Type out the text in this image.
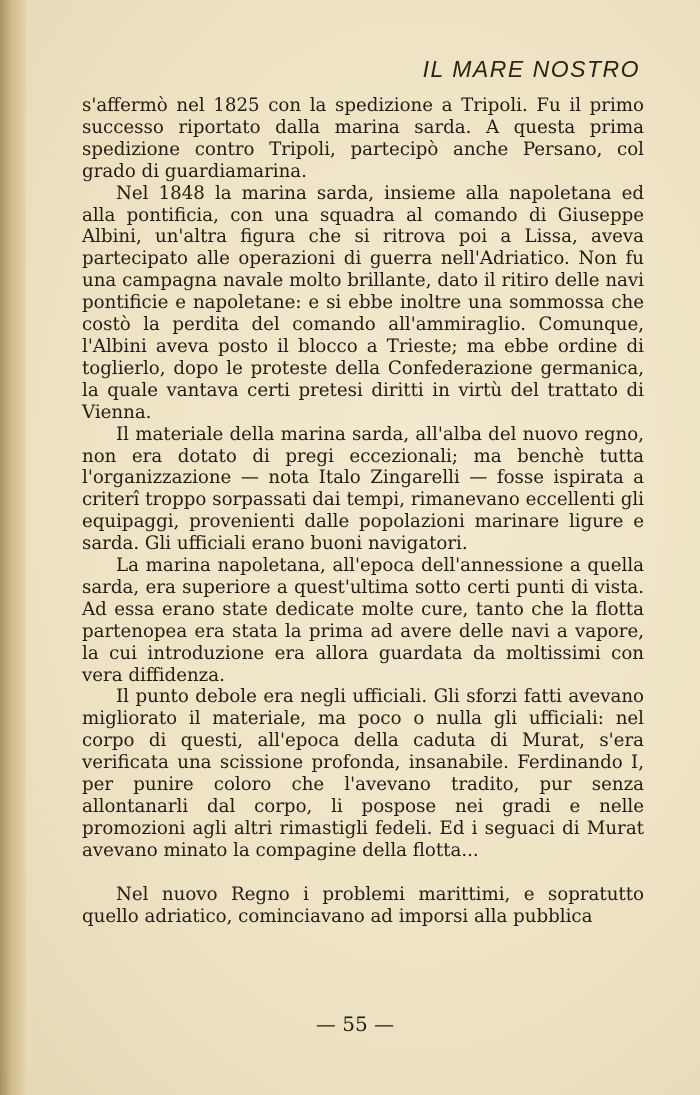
IL MARE NOSTRO

s'affermò nel 1825 con la spedizione a Tripoli. Fu il primo successo riportato dalla marina sarda. A questa prima spedizione contro Tripoli, partecipò anche Persano, col grado di guardiamarina.

Nel 1848 la marina sarda, insieme alla napoletana ed alla pontificia, con una squadra al comando di Giuseppe Albini, un'altra figura che si ritrova poi a Lissa, aveva partecipato alle operazioni di guerra nell'Adriatico. Non fu una campagna navale molto brillante, dato il ritiro delle navi pontificie e napoletane: e si ebbe inoltre una sommossa che costò la perdita del comando all'ammiraglio. Comunque, l'Albini aveva posto il blocco a Trieste; ma ebbe ordine di toglierlo, dopo le proteste della Confederazione germanica, la quale vantava certi pretesi diritti in virtù del trattato di Vienna.

Il materiale della marina sarda, all'alba del nuovo regno, non era dotato di pregi eccezionali; ma benchè tutta l'organizzazione — nota Italo Zingarelli — fosse ispirata a criterî troppo sorpassati dai tempi, rimanevano eccellenti gli equipaggi, provenienti dalle popolazioni marinare ligure e sarda. Gli ufficiali erano buoni navigatori.

La marina napoletana, all'epoca dell'annessione a quella sarda, era superiore a quest'ultima sotto certi punti di vista. Ad essa erano state dedicate molte cure, tanto che la flotta partenopea era stata la prima ad avere delle navi a vapore, la cui introduzione era allora guardata da moltissimi con vera diffidenza.

Il punto debole era negli ufficiali. Gli sforzi fatti avevano migliorato il materiale, ma poco o nulla gli ufficiali: nel corpo di questi, all'epoca della caduta di Murat, s'era verificata una scissione profonda, insanabile. Ferdinando I, per punire coloro che l'avevano tradito, pur senza allontanarli dal corpo, li pospose nei gradi e nelle promozioni agli altri rimastigli fedeli. Ed i seguaci di Murat avevano minato la compagine della flotta...

Nel nuovo Regno i problemi marittimi, e sopratutto quello adriatico, cominciavano ad imporsi alla pubblica

— 55 —
